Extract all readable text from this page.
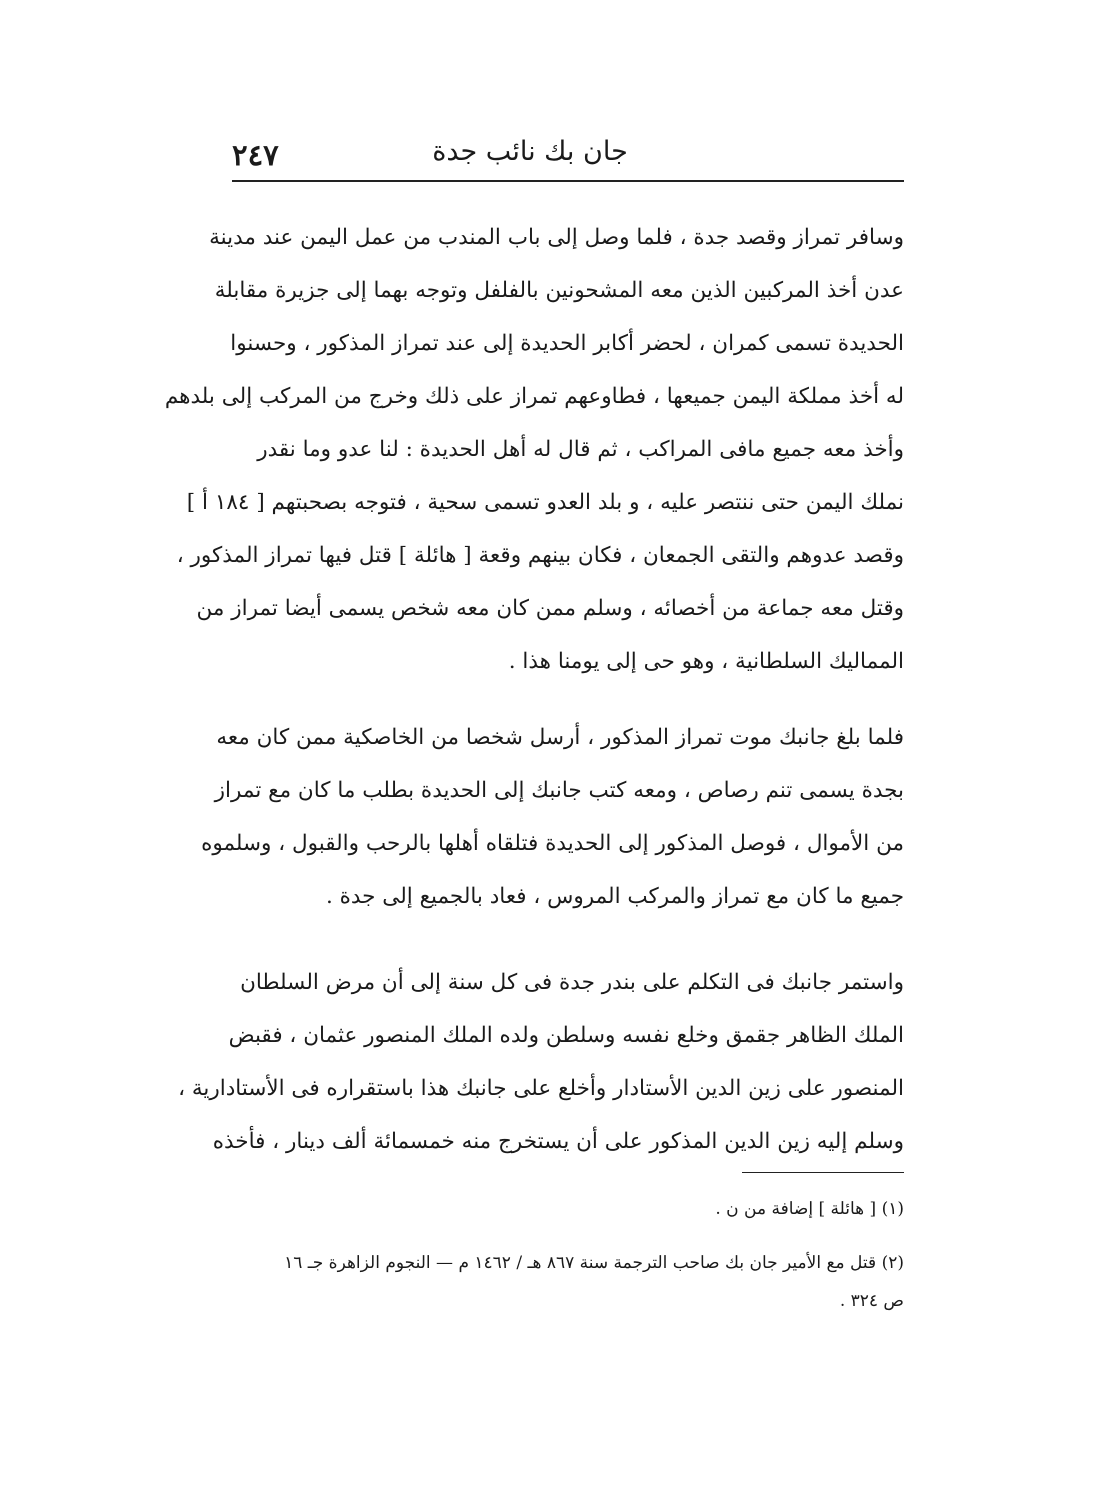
جان بك نائب جدة
٢٤٧
وسافر تمراز وقصد جدة ، فلما وصل إلى باب المندب من عمل اليمن عند مدينة
عدن أخذ المركبين الذين معه المشحونين بالفلفل وتوجه بهما إلى جزيرة مقابلة
الحديدة تسمى كمران ، لحضر أكابر الحديدة إلى عند تمراز المذكور ، وحسنوا
له أخذ مملكة اليمن جميعها ، فطاوعهم تمراز على ذلك وخرج من المركب إلى بلدهم
وأخذ معه جميع مافى المراكب ، ثم قال له أهل الحديدة : لنا عدو وما نقدر
نملك اليمن حتى ننتصر عليه ، و بلد العدو تسمى سحية ، فتوجه بصحبتهم [ ١٨٤ أ ]
وقصد عدوهم والتقى الجمعان ، فكان بينهم وقعة [ هائلة ] قتل فيها تمراز المذكور ،
وقتل معه جماعة من أخصائه ، وسلم ممن كان معه شخص يسمى أيضا تمراز من
المماليك السلطانية ، وهو حى إلى يومنا هذا .
فلما بلغ جانبك موت تمراز المذكور ، أرسل شخصا من الخاصكية ممن كان معه
بجدة يسمى تنم رصاص ، ومعه كتب جانبك إلى الحديدة بطلب ما كان مع تمراز
من الأموال ، فوصل المذكور إلى الحديدة فتلقاه أهلها بالرحب والقبول ، وسلموه
جميع ما كان مع تمراز والمركب المروس ، فعاد بالجميع إلى جدة .
واستمر جانبك فى التكلم على بندر جدة فى كل سنة إلى أن مرض السلطان
الملك الظاهر جقمق وخلع نفسه وسلطن ولده الملك المنصور عثمان ، فقبض
المنصور على زين الدين الأستادار وأخلع على جانبك هذا باستقراره فى الأستادارية ،
وسلم إليه زين الدين المذكور على أن يستخرج منه خمسمائة ألف دينار ، فأخذه
(١) [ هائلة ] إضافة من ن .
(٢) قتل مع الأمير جان بك صاحب الترجمة سنة ٨٦٧ هـ / ١٤٦٢ م — النجوم الزاهرة جـ ١٦
ص ٣٢٤ .
